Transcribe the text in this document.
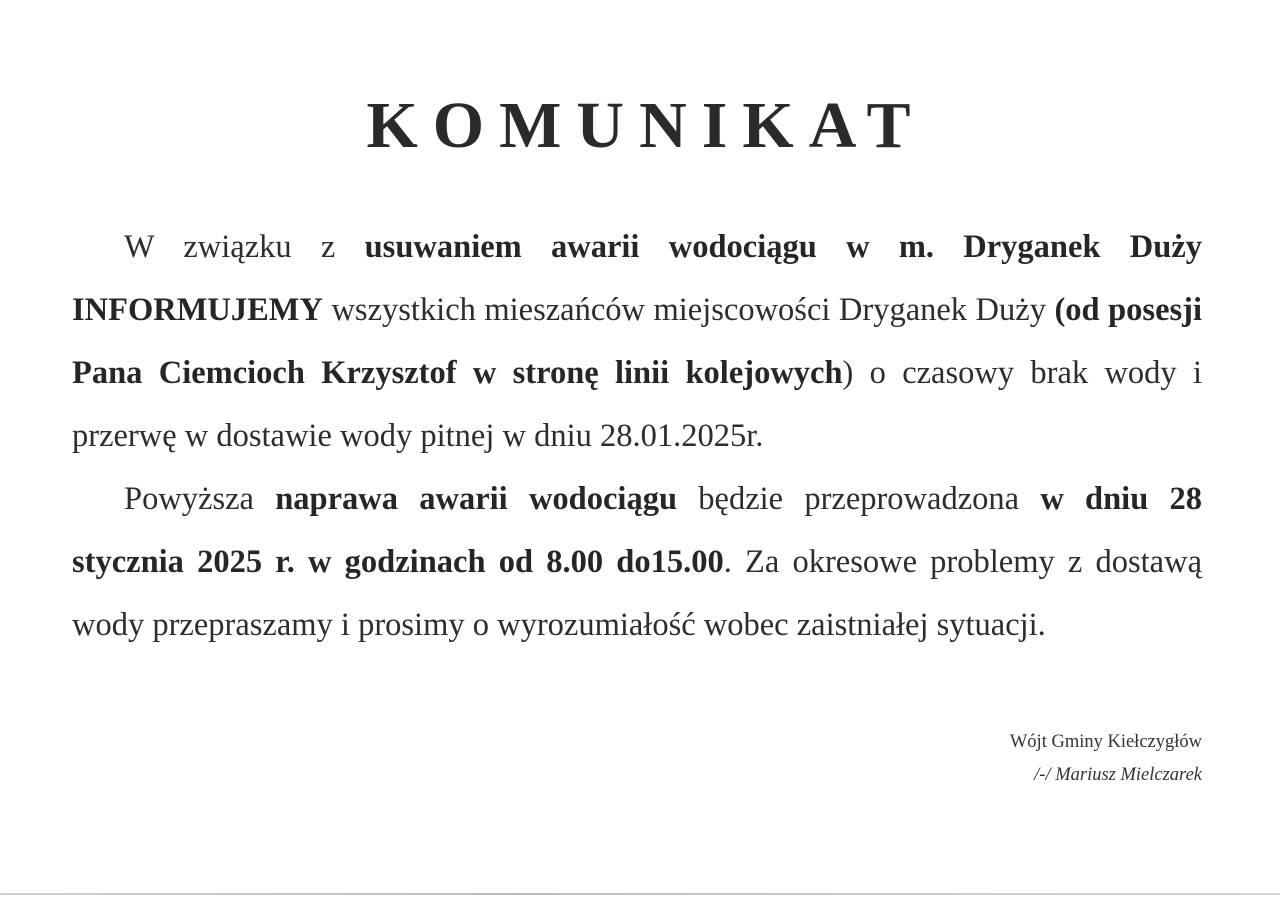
KOMUNIKAT

W związku z usuwaniem awarii wodociągu w m. Dryganek Duży INFORMUJEMY wszystkich mieszańców miejscowości Dryganek Duży (od posesji Pana Ciemcioch Krzysztof w stronę linii kolejowych) o czasowy brak wody i przerwę w dostawie wody pitnej w dniu 28.01.2025r.

Powyższa naprawa awarii wodociągu będzie przeprowadzona w dniu 28 stycznia 2025 r. w godzinach od 8.00 do15.00. Za okresowe problemy z dostawą wody przepraszamy i prosimy o wyrozumiałość wobec zaistniałej sytuacji.

Wójt Gminy Kiełczygłów
/-/ Mariusz Mielczarek
